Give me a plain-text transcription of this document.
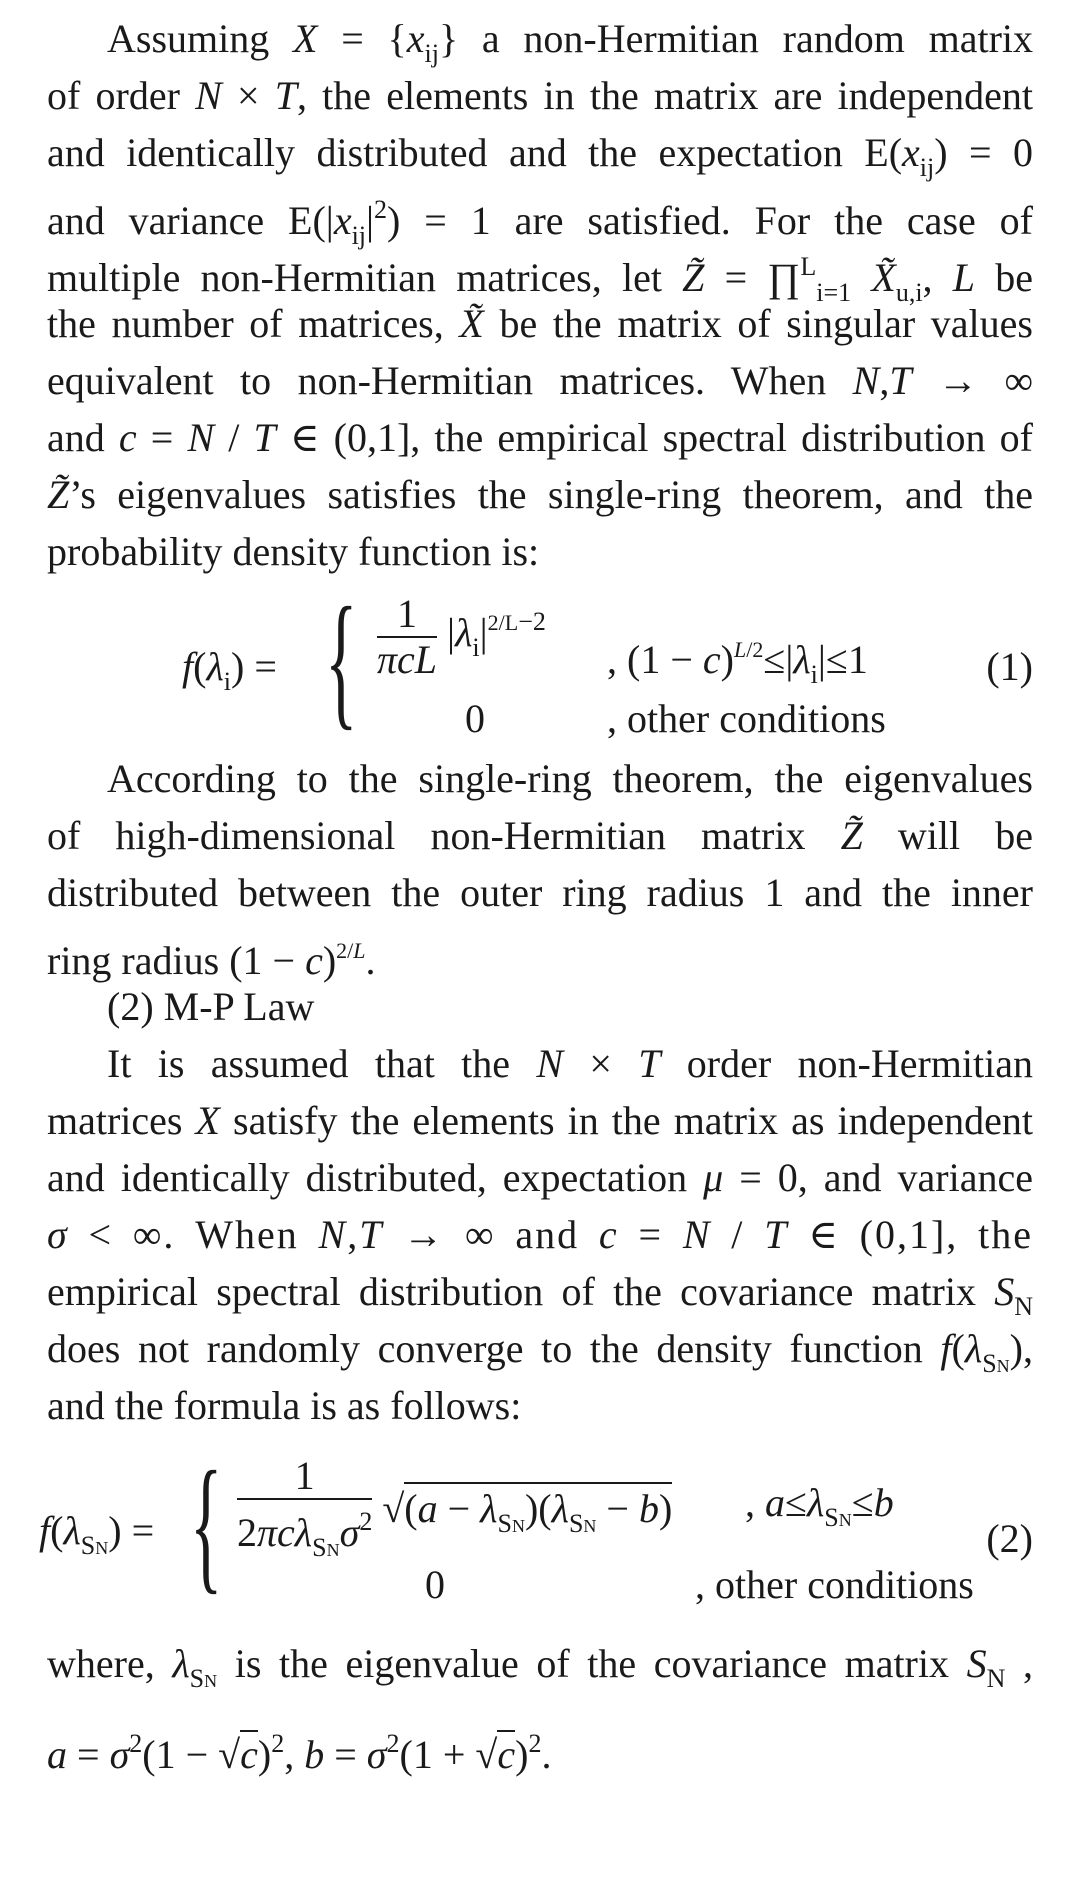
Assuming $X = \{x_{ij}\}$ a non-Hermitian random matrix
of order N × T, the elements in the matrix are independent
and identically distributed and the expectation $E(x_{ij}) = 0$
and variance $E(|x_{ij}|^2) = 1$ are satisfied. For the case of
multiple non-Hermitian matrices, let Z̃ = ∏$^L_{i=1}$ $X̃_{u,i}$, L be
the number of matrices, X̃ be the matrix of singular values
equivalent to non-Hermitian matrices. When N,T → ∞
and c = N / T ∈ (0,1], the empirical spectral distribution of
Z̃’s eigenvalues satisfies the single-ring theorem, and the
probability density function is:
$f(\lambda_i)$ = { $\frac{1}{\text{πcL}} |\lambda_i|^{2/L-2}$
, $(1 - c)^{L/2}\le|\lambda_i|\le 1$
0	, other conditions
(1)
According to the single-ring theorem, the eigenvalues
of high-dimensional non-Hermitian matrix Z̃ will be
distributed between the outer ring radius 1 and the inner
ring radius $(1 - c)^{2/L}$.
(2) M-P Law
It is assumed that the N × T order non-Hermitian
matrices X satisfy the elements in the matrix as independent
and identically distributed, expectation μ = 0, and variance
σ < ∞. When N,T → ∞ and c = N / T ∈ (0,1], the
empirical spectral distribution of the covariance matrix $S_N$
does not randomly converge to the density function $f(\lambda_{SN})$,
and the formula is as follows:
$f(\lambda_{SN})$ = { $\frac{1}{2\pi c\lambda_{SN}\sigma^2} √(a - \lambda_{SN})(\lambda_{SN} - b)$ , $a\le\lambda_{SN}\le b$
0	, other conditions
(2)
where, $\lambda_{SN}$ is the eigenvalue of the covariance matrix $S_N$ ,
$a = \sigma^2(1 - √c)^2$, $b = \sigma^2(1 + √c)^2$.
